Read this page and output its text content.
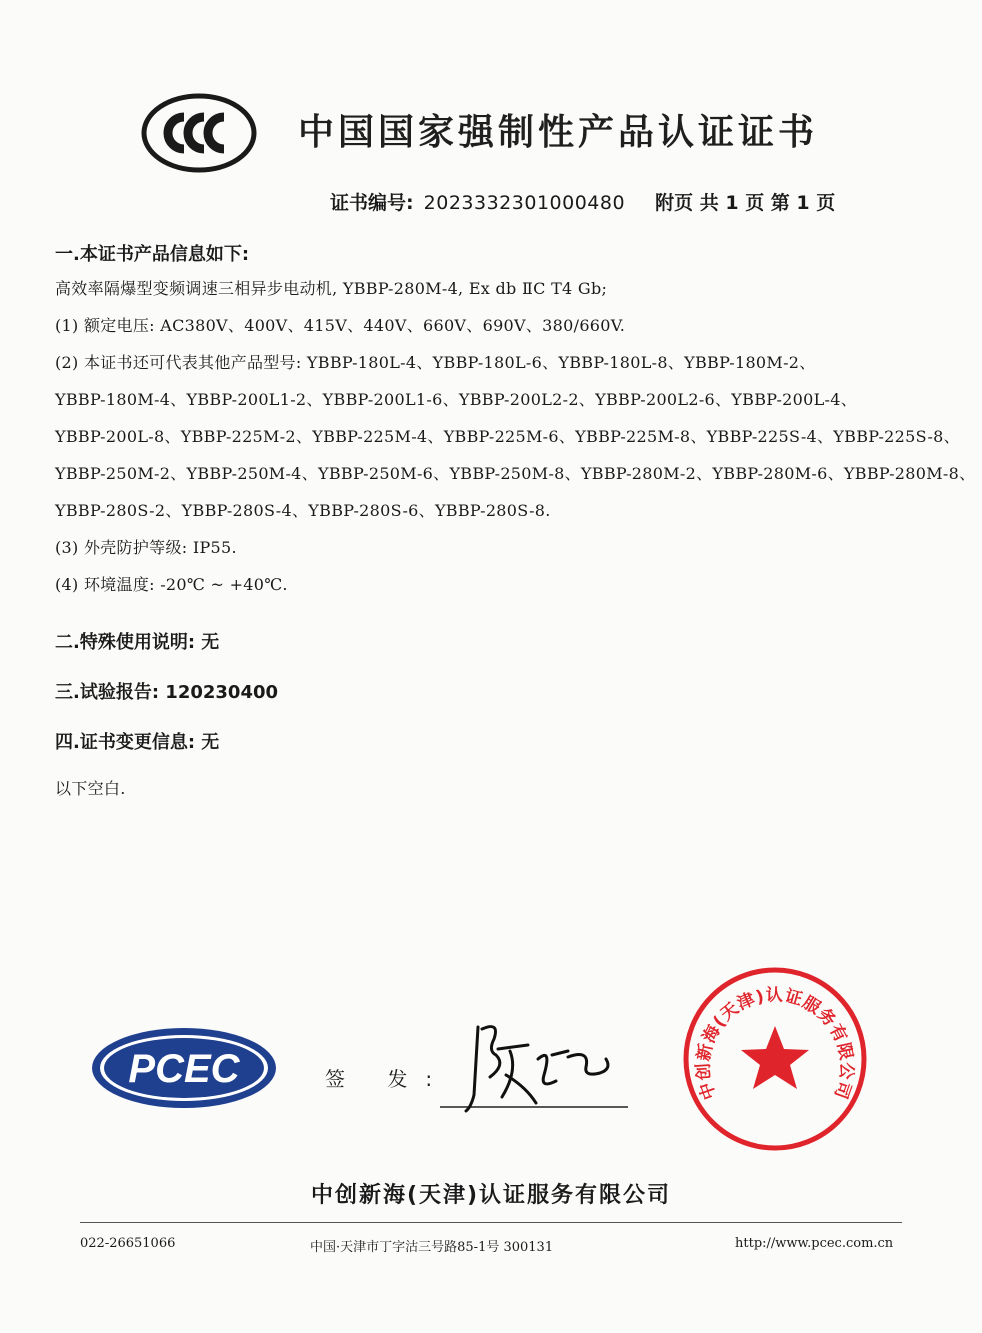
中国国家强制性产品认证证书
证书编号: 2023332301000480 附页 共 1 页 第 1 页

一.本证书产品信息如下:

高效率隔爆型变频调速三相异步电动机, YBBP-280M-4, Ex db ⅡC T4 Gb;

(1) 额定电压: AC380V、400V、415V、440V、660V、690V、380/660V.

(2) 本证书还可代表其他产品型号: YBBP-180L-4、YBBP-180L-6、YBBP-180L-8、YBBP-180M-2、

YBBP-180M-4、YBBP-200L1-2、YBBP-200L1-6、YBBP-200L2-2、YBBP-200L2-6、YBBP-200L-4、

YBBP-200L-8、YBBP-225M-2、YBBP-225M-4、YBBP-225M-6、YBBP-225M-8、YBBP-225S-4、YBBP-225S-8、

YBBP-250M-2、YBBP-250M-4、YBBP-250M-6、YBBP-250M-8、YBBP-280M-2、YBBP-280M-6、YBBP-280M-8、

YBBP-280S-2、YBBP-280S-4、YBBP-280S-6、YBBP-280S-8.

(3) 外壳防护等级: IP55.

(4) 环境温度: -20℃ ~ +40℃.

二.特殊使用说明: 无

三.试验报告: 120230400

四.证书变更信息: 无

以下空白.

PCEC	签 发:	中创新海(天津)认证服务有限公司
中创新海(天津)认证服务有限公司
022-26651066	中国·天津市丁字沽三号路85-1号 300131	http://www.pcec.com.cn
